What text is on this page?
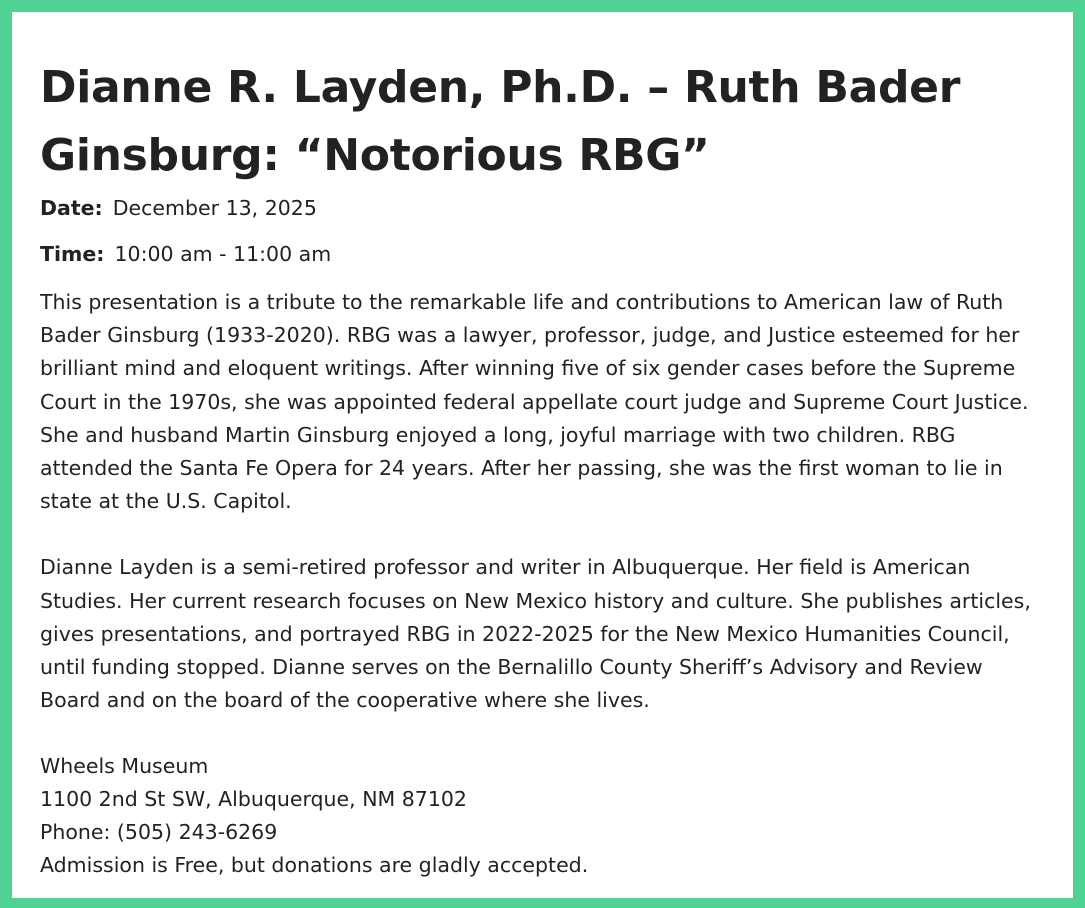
Dianne R. Layden, Ph.D. – Ruth Bader Ginsburg: “Notorious RBG”
Date: December 13, 2025
Time: 10:00 am - 11:00 am

This presentation is a tribute to the remarkable life and contributions to American law of Ruth Bader Ginsburg (1933-2020). RBG was a lawyer, professor, judge, and Justice esteemed for her brilliant mind and eloquent writings. After winning five of six gender cases before the Supreme Court in the 1970s, she was appointed federal appellate court judge and Supreme Court Justice. She and husband Martin Ginsburg enjoyed a long, joyful marriage with two children. RBG attended the Santa Fe Opera for 24 years. After her passing, she was the first woman to lie in state at the U.S. Capitol.

Dianne Layden is a semi-retired professor and writer in Albuquerque. Her field is American Studies. Her current research focuses on New Mexico history and culture. She publishes articles, gives presentations, and portrayed RBG in 2022-2025 for the New Mexico Humanities Council, until funding stopped. Dianne serves on the Bernalillo County Sheriff’s Advisory and Review Board and on the board of the cooperative where she lives.

Wheels Museum
1100 2nd St SW, Albuquerque, NM 87102
Phone: (505) 243-6269
Admission is Free, but donations are gladly accepted.
